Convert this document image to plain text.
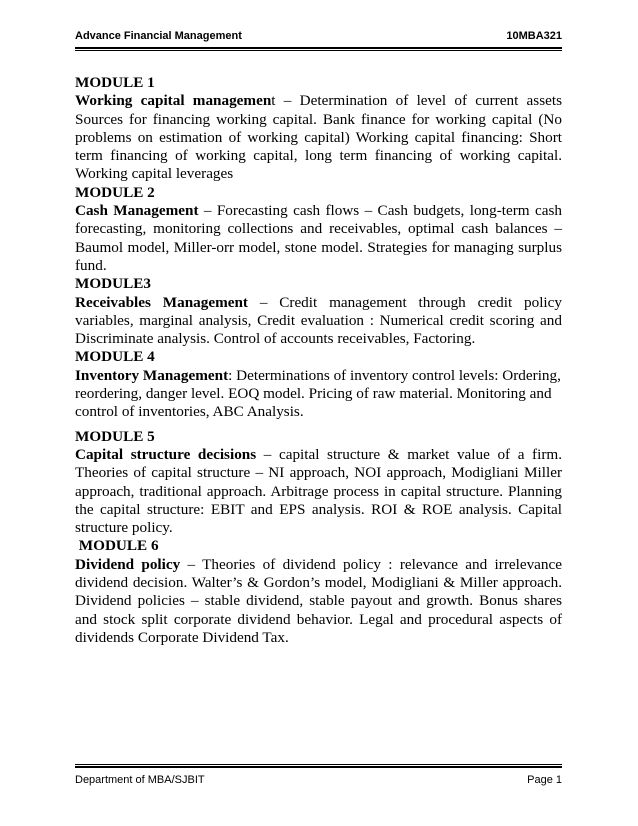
Advance Financial Management	10MBA321

MODULE 1

Working capital management – Determination of level of current assets Sources for financing working capital. Bank finance for working capital (No problems on estimation of working capital) Working capital financing: Short term financing of working capital, long term financing of working capital. Working capital leverages

MODULE 2

Cash Management – Forecasting cash flows – Cash budgets, long-term cash forecasting, monitoring collections and receivables, optimal cash balances – Baumol model, Miller-orr model, stone model. Strategies for managing surplus fund.

MODULE3

Receivables Management – Credit management through credit policy variables, marginal analysis, Credit evaluation : Numerical credit scoring and Discriminate analysis. Control of accounts receivables, Factoring.

MODULE 4

Inventory Management: Determinations of inventory control levels: Ordering, reordering, danger level. EOQ model. Pricing of raw material. Monitoring and control of inventories, ABC Analysis.

MODULE 5

Capital structure decisions – capital structure & market value of a firm. Theories of capital structure – NI approach, NOI approach, Modigliani Miller approach, traditional approach. Arbitrage process in capital structure. Planning the capital structure: EBIT and EPS analysis. ROI & ROE analysis. Capital structure policy.

MODULE 6

Dividend policy – Theories of dividend policy : relevance and irrelevance dividend decision. Walter’s & Gordon’s model, Modigliani & Miller approach. Dividend policies – stable dividend, stable payout and growth. Bonus shares and stock split corporate dividend behavior. Legal and procedural aspects of dividends Corporate Dividend Tax.

Department of MBA/SJBIT	Page 1
